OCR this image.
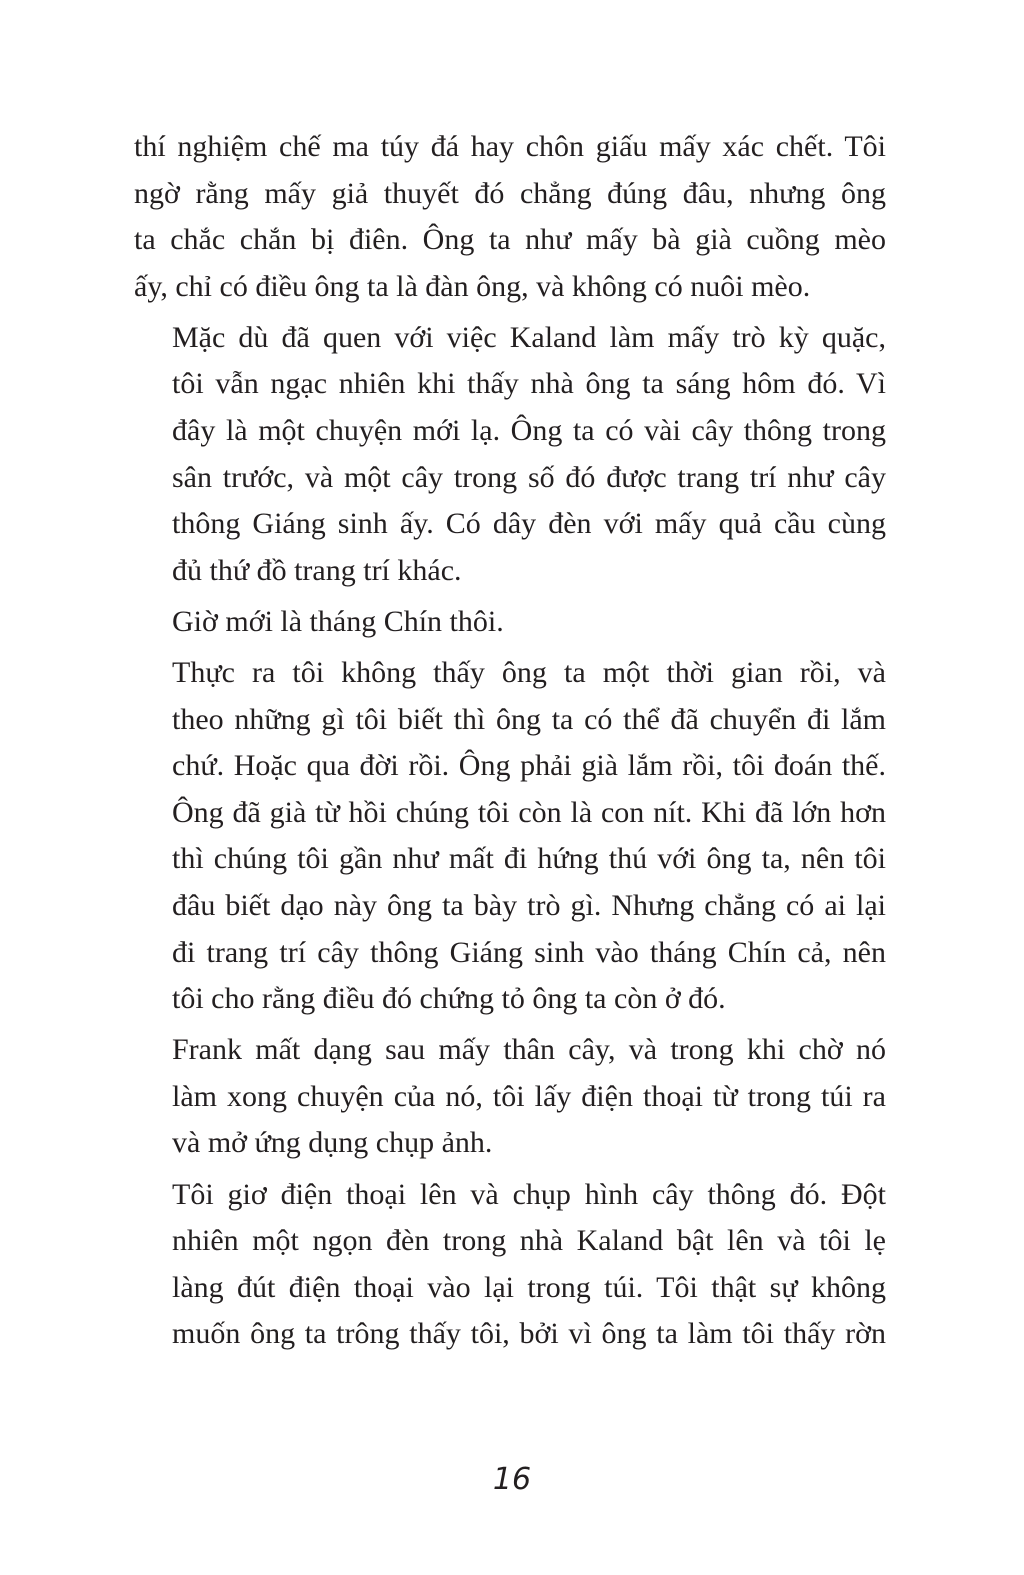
thí nghiệm chế ma túy đá hay chôn giấu mấy xác chết. Tôi
ngờ rằng mấy giả thuyết đó chẳng đúng đâu, nhưng ông
ta chắc chắn bị điên. Ông ta như mấy bà già cuồng mèo
ấy, chỉ có điều ông ta là đàn ông, và không có nuôi mèo.

Mặc dù đã quen với việc Kaland làm mấy trò kỳ quặc,
tôi vẫn ngạc nhiên khi thấy nhà ông ta sáng hôm đó. Vì
đây là một chuyện mới lạ. Ông ta có vài cây thông trong
sân trước, và một cây trong số đó được trang trí như cây
thông Giáng sinh ấy. Có dây đèn với mấy quả cầu cùng
đủ thứ đồ trang trí khác.

Giờ mới là tháng Chín thôi.

Thực ra tôi không thấy ông ta một thời gian rồi, và
theo những gì tôi biết thì ông ta có thể đã chuyển đi lắm
chứ. Hoặc qua đời rồi. Ông phải già lắm rồi, tôi đoán thế.
Ông đã già từ hồi chúng tôi còn là con nít. Khi đã lớn hơn
thì chúng tôi gần như mất đi hứng thú với ông ta, nên tôi
đâu biết dạo này ông ta bày trò gì. Nhưng chẳng có ai lại
đi trang trí cây thông Giáng sinh vào tháng Chín cả, nên
tôi cho rằng điều đó chứng tỏ ông ta còn ở đó.

Frank mất dạng sau mấy thân cây, và trong khi chờ nó
làm xong chuyện của nó, tôi lấy điện thoại từ trong túi ra
và mở ứng dụng chụp ảnh.

Tôi giơ điện thoại lên và chụp hình cây thông đó. Đột
nhiên một ngọn đèn trong nhà Kaland bật lên và tôi lẹ
làng đút điện thoại vào lại trong túi. Tôi thật sự không
muốn ông ta trông thấy tôi, bởi vì ông ta làm tôi thấy rờn

16
